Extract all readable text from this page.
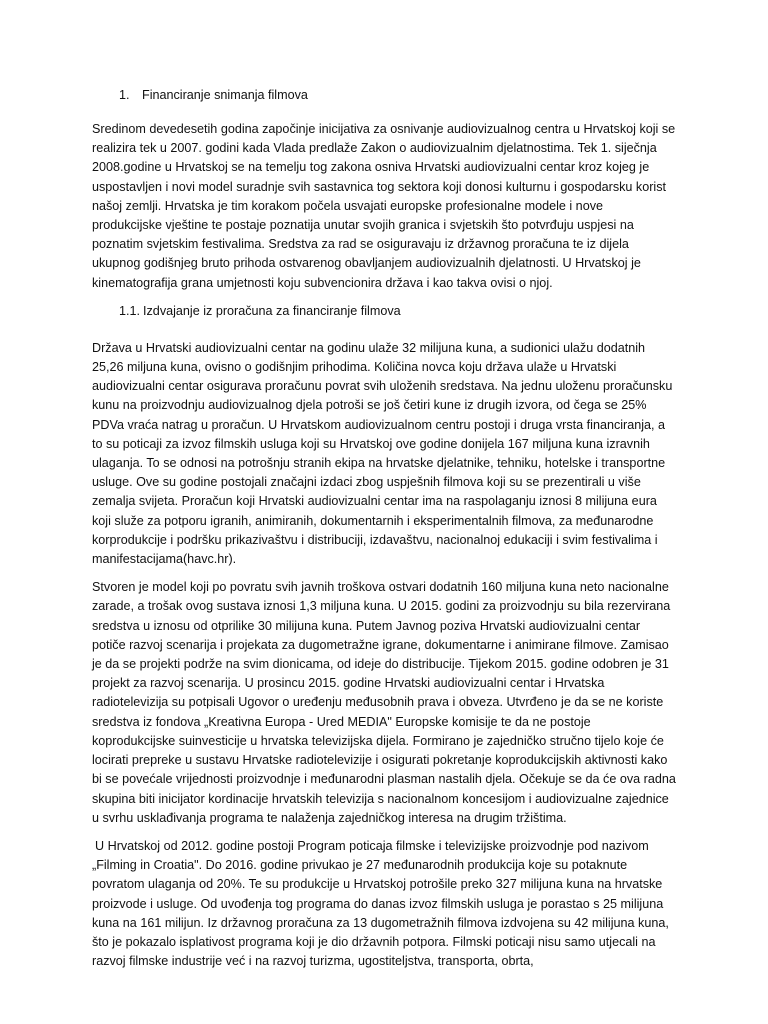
1. Financiranje snimanja filmova

Sredinom devedesetih godina započinje inicijativa za osnivanje audiovizualnog centra u Hrvatskoj koji se realizira tek u 2007. godini kada Vlada predlaže Zakon o audiovizualnim djelatnostima. Tek 1. siječnja 2008.godine u Hrvatskoj se na temelju tog zakona osniva Hrvatski audiovizualni centar kroz kojeg je uspostavljen i novi model suradnje svih sastavnica tog sektora koji donosi kulturnu i gospodarsku korist našoj zemlji. Hrvatska je tim korakom počela usvajati europske profesionalne modele i nove produkcijske vještine te postaje poznatija unutar svojih granica i svjetskih što potvrđuju uspjesi na poznatim svjetskim festivalima. Sredstva za rad se osiguravaju iz državnog proračuna te iz dijela ukupnog godišnjeg bruto prihoda ostvarenog obavljanjem audiovizualnih djelatnosti. U Hrvatskoj je kinematografija grana umjetnosti koju subvencionira država i kao takva ovisi o njoj.

1.1. Izdvajanje iz proračuna za financiranje filmova

Država u Hrvatski audiovizualni centar na godinu ulaže 32 milijuna kuna, a sudionici ulažu dodatnih 25,26 miljuna kuna, ovisno o godišnjim prihodima. Količina novca koju država ulaže u Hrvatski audiovizualni centar osigurava proračunu povrat svih uloženih sredstava. Na jednu uloženu proračunsku kunu na proizvodnju audiovizualnog djela potroši se još četiri kune iz drugih izvora, od čega se 25% PDVa vraća natrag u proračun. U Hrvatskom audiovizualnom centru postoji i druga vrsta financiranja, a to su poticaji za izvoz filmskih usluga koji su Hrvatskoj ove godine donijela 167 miljuna kuna izravnih ulaganja. To se odnosi na potrošnju stranih ekipa na hrvatske djelatnike, tehniku, hotelske i transportne usluge. Ove su godine postojali značajni izdaci zbog uspješnih filmova koji su se prezentirali u više zemalja svijeta. Proračun koji Hrvatski audiovizualni centar ima na raspolaganju iznosi 8 milijuna eura koji služe za potporu igranih, animiranih, dokumentarnih i eksperimentalnih filmova, za međunarodne korprodukcije i podršku prikazivaštvu i distribuciji, izdavaštvu, nacionalnoj edukaciji i svim festivalima i manifestacijama(havc.hr).

Stvoren je model koji po povratu svih javnih troškova ostvari dodatnih 160 miljuna kuna neto nacionalne zarade, a trošak ovog sustava iznosi 1,3 miljuna kuna. U 2015. godini za proizvodnju su bila rezervirana sredstva u iznosu od otprilike 30 milijuna kuna. Putem Javnog poziva Hrvatski audiovizualni centar potiče razvoj scenarija i projekata za dugometražne igrane, dokumentarne i animirane filmove. Zamisao je da se projekti podrže na svim dionicama, od ideje do distribucije. Tijekom 2015. godine odobren je 31 projekt za razvoj scenarija. U prosincu 2015. godine Hrvatski audiovizualni centar i Hrvatska radiotelevizija su potpisali Ugovor o uređenju međusobnih prava i obveza. Utvrđeno je da se ne koriste sredstva iz fondova „Kreativna Europa - Ured MEDIA" Europske komisije te da ne postoje koprodukcijske suinvesticije u hrvatska televizijska dijela. Formirano je zajedničko stručno tijelo koje će locirati prepreke u sustavu Hrvatske radiotelevizije i osigurati pokretanje koprodukcijskih aktivnosti kako bi se povećale vrijednosti proizvodnje i međunarodni plasman nastalih djela. Očekuje se da će ova radna skupina biti inicijator kordinacije hrvatskih televizija s nacionalnom koncesijom i audiovizualne zajednice u svrhu usklađivanja programa te nalaženja zajedničkog interesa na drugim tržištima.

U Hrvatskoj od 2012. godine postoji Program poticaja filmske i televizijske proizvodnje pod nazivom „Filming in Croatia". Do 2016. godine privukao je 27 međunarodnih produkcija koje su potaknute povratom ulaganja od 20%. Te su produkcije u Hrvatskoj potrošile preko 327 milijuna kuna na hrvatske proizvode i usluge. Od uvođenja tog programa do danas izvoz filmskih usluga je porastao s 25 milijuna kuna na 161 milijun. Iz državnog proračuna za 13 dugometražnih filmova izdvojena su 42 milijuna kuna, što je pokazalo isplativost programa koji je dio državnih potpora. Filmski poticaji nisu samo utjecali na razvoj filmske industrije već i na razvoj turizma, ugostiteljstva, transporta, obrta,
